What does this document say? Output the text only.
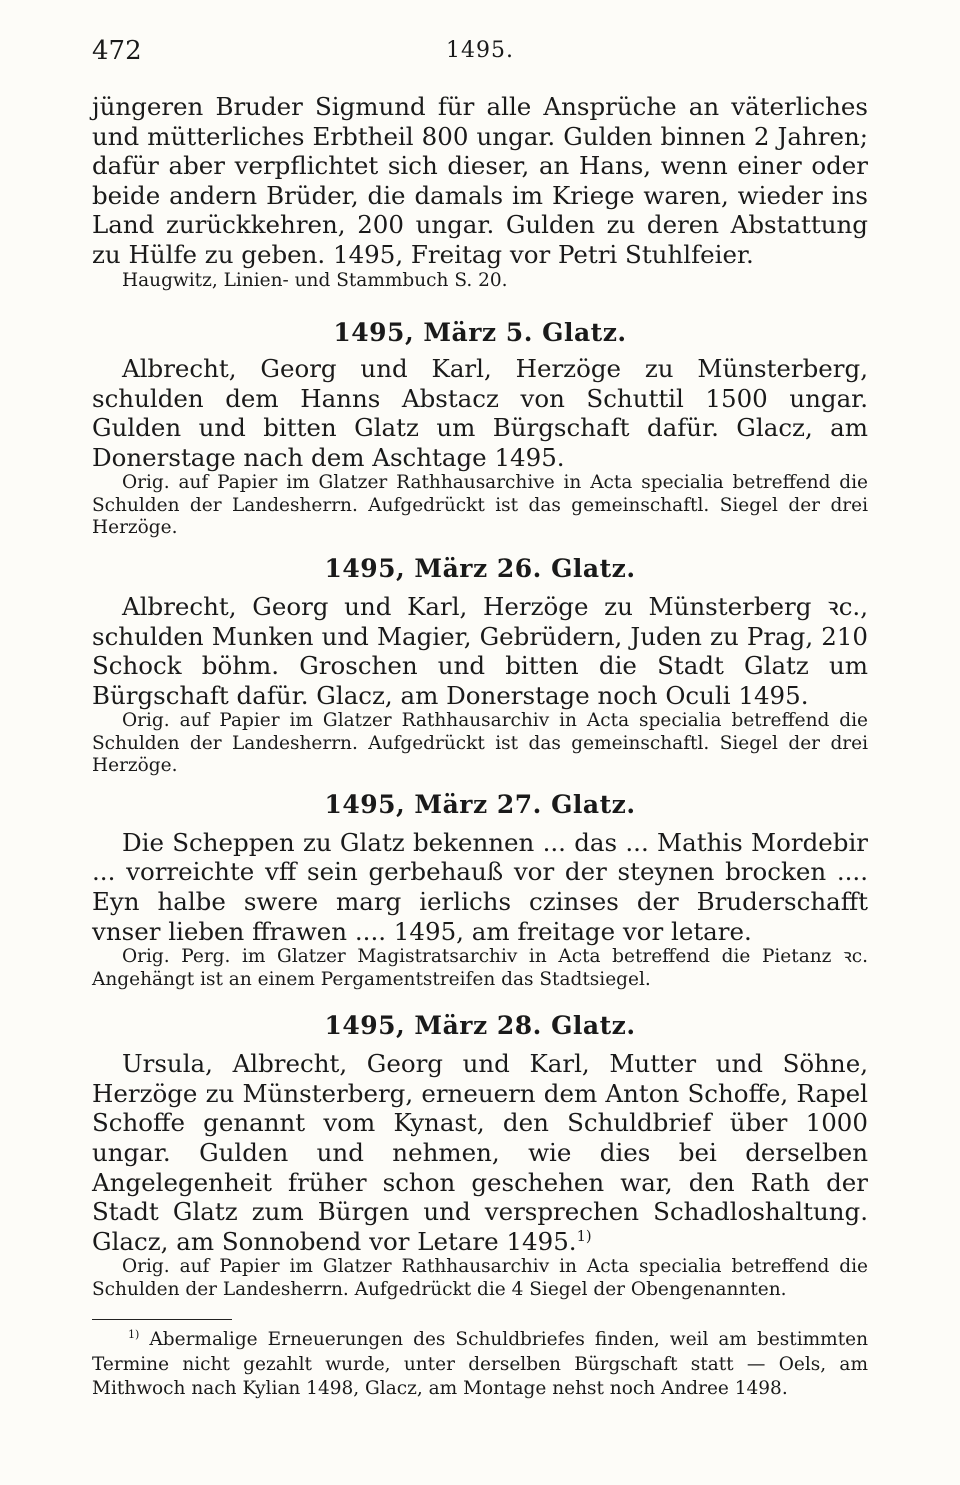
472	1495.

jüngeren Bruder Sigmund für alle Ansprüche an väterliches und mütterliches Erbtheil 800 ungar. Gulden binnen 2 Jahren; dafür aber verpflichtet sich dieser, an Hans, wenn einer oder beide andern Brüder, die damals im Kriege waren, wieder ins Land zurückkehren, 200 ungar. Gulden zu deren Abstattung zu Hülfe zu geben. 1495, Freitag vor Petri Stuhlfeier.

Haugwitz, Linien- und Stammbuch S. 20.

1495, März 5. Glatz.

Albrecht, Georg und Karl, Herzöge zu Münsterberg, schulden dem Hanns Abstacz von Schuttil 1500 ungar. Gulden und bitten Glatz um Bürgschaft dafür. Glacz, am Donerstage nach dem Aschtage 1495.

Orig. auf Papier im Glatzer Rathhausarchive in Acta specialia betreffend die Schulden der Landesherrn. Aufgedrückt ist das gemeinschaftl. Siegel der drei Herzöge.

1495, März 26. Glatz.

Albrecht, Georg und Karl, Herzöge zu Münsterberg ꝛc., schulden Munken und Magier, Gebrüdern, Juden zu Prag, 210 Schock böhm. Groschen und bitten die Stadt Glatz um Bürgschaft dafür. Glacz, am Donerstage noch Oculi 1495.

Orig. auf Papier im Glatzer Rathhausarchiv in Acta specialia betreffend die Schulden der Landesherrn. Aufgedrückt ist das gemeinschaftl. Siegel der drei Herzöge.

1495, März 27. Glatz.

Die Scheppen zu Glatz bekennen ... das ... Mathis Mordebir ... vorreichte vff sein gerbehauß vor der steynen brocken .... Eyn halbe swere marg ierlichs czinses der Bruderschafft vnser lieben ffrawen .... 1495, am freitage vor letare.

Orig. Perg. im Glatzer Magistratsarchiv in Acta betreffend die Pietanz ꝛc. Angehängt ist an einem Pergamentstreifen das Stadtsiegel.

1495, März 28. Glatz.

Ursula, Albrecht, Georg und Karl, Mutter und Söhne, Herzöge zu Münsterberg, erneuern dem Anton Schoffe, Rapel Schoffe genannt vom Kynast, den Schuldbrief über 1000 ungar. Gulden und nehmen, wie dies bei derselben Angelegenheit früher schon geschehen war, den Rath der Stadt Glatz zum Bürgen und versprechen Schadloshaltung. Glacz, am Sonnobend vor Letare 1495.$^{1)}$

Orig. auf Papier im Glatzer Rathhausarchiv in Acta specialia betreffend die Schulden der Landesherrn. Aufgedrückt die 4 Siegel der Obengenannten.

$^{1)}$ Abermalige Erneuerungen des Schuldbriefes finden, weil am bestimmten Termine nicht gezahlt wurde, unter derselben Bürgschaft statt — Oels, am Mithwoch nach Kylian 1498, Glacz, am Montage nehst noch Andree 1498.
